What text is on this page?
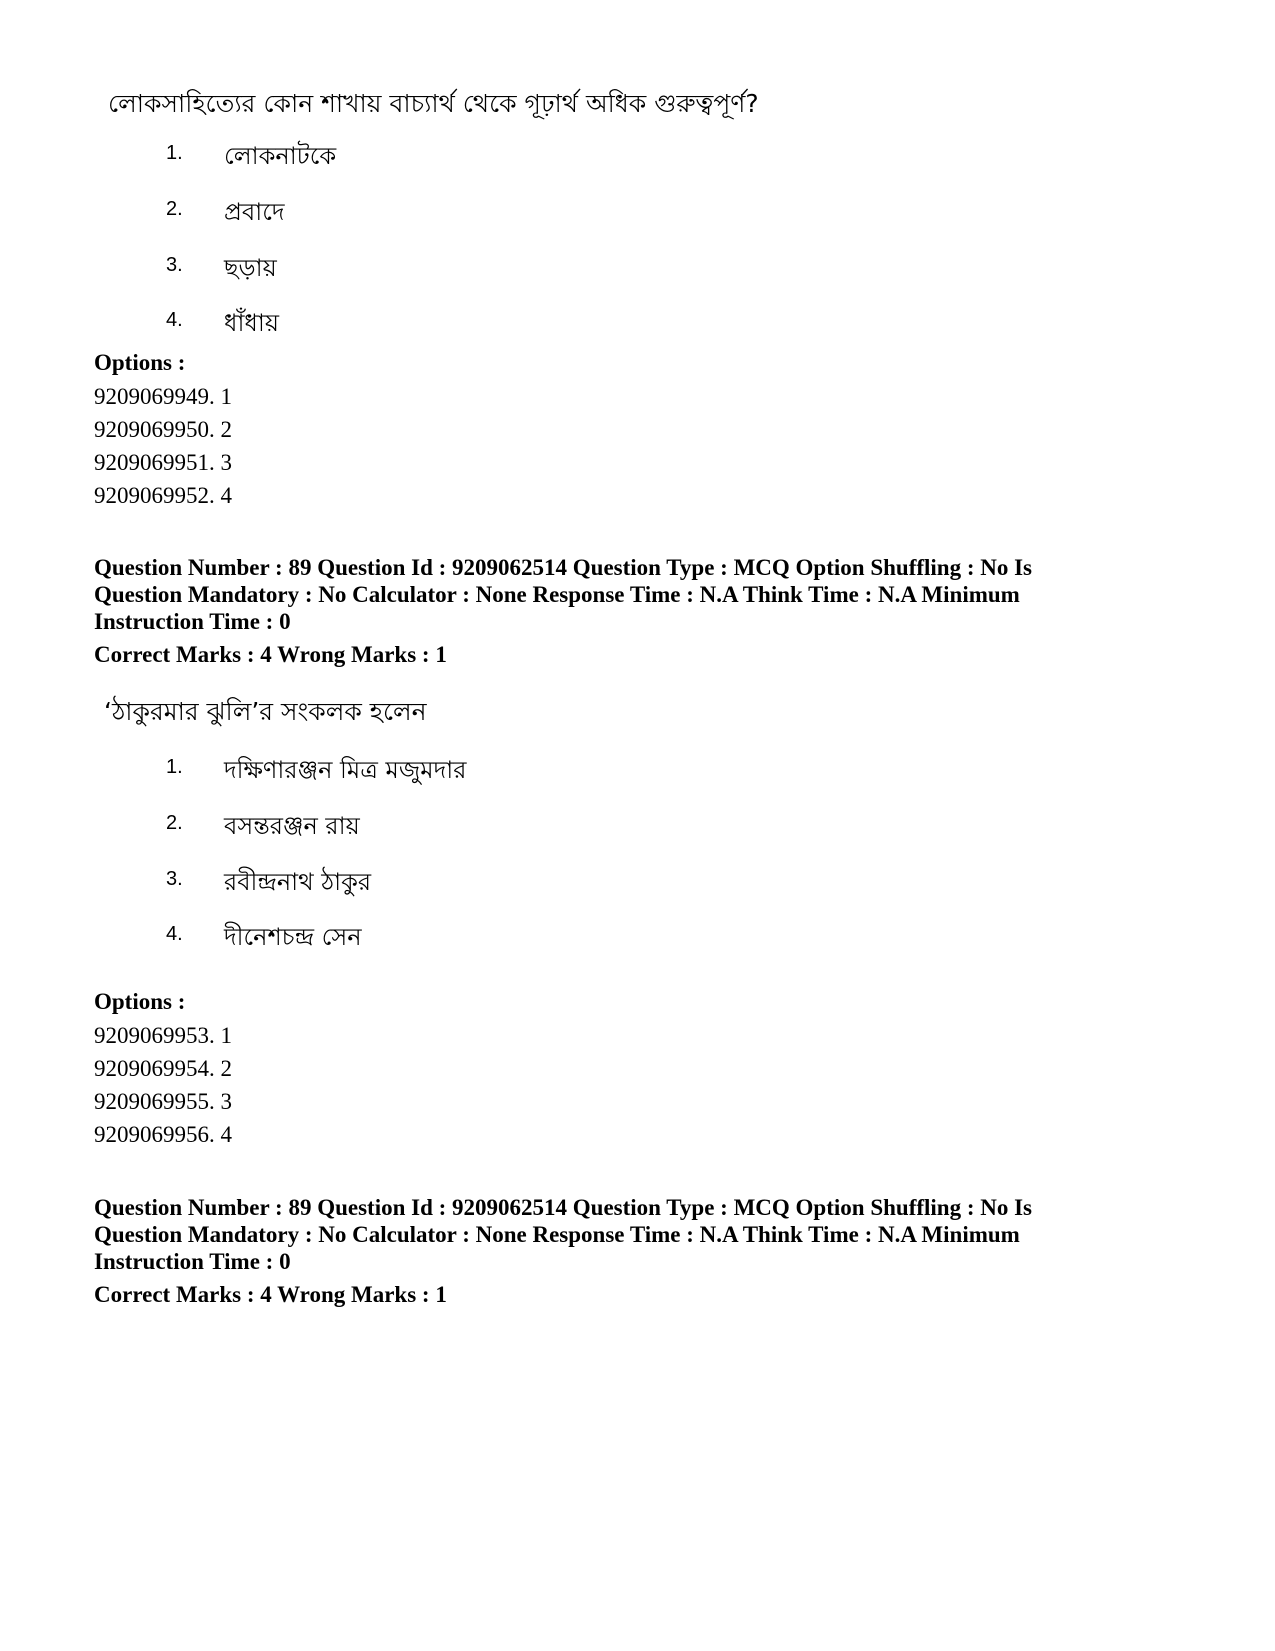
লোকসাহিত্যের কোন শাখায় বাচ্যার্থ থেকে গূঢ়ার্থ অধিক গুরুত্বপূর্ণ?
1. লোকনাটকে
2. প্রবাদে
3. ছড়ায়
4. ধাঁধায়
Options :
9209069949. 1
9209069950. 2
9209069951. 3
9209069952. 4
Question Number : 89 Question Id : 9209062514 Question Type : MCQ Option Shuffling : No Is
Question Mandatory : No Calculator : None Response Time : N.A Think Time : N.A Minimum
Instruction Time : 0
Correct Marks : 4 Wrong Marks : 1
‘ঠাকুরমার ঝুলি’র সংকলক হলেন
1. দক্ষিণারঞ্জন মিত্র মজুমদার
2. বসন্তরঞ্জন রায়
3. রবীন্দ্রনাথ ঠাকুর
4. দীনেশচন্দ্র সেন
Options :
9209069953. 1
9209069954. 2
9209069955. 3
9209069956. 4
Question Number : 89 Question Id : 9209062514 Question Type : MCQ Option Shuffling : No Is
Question Mandatory : No Calculator : None Response Time : N.A Think Time : N.A Minimum
Instruction Time : 0
Correct Marks : 4 Wrong Marks : 1
